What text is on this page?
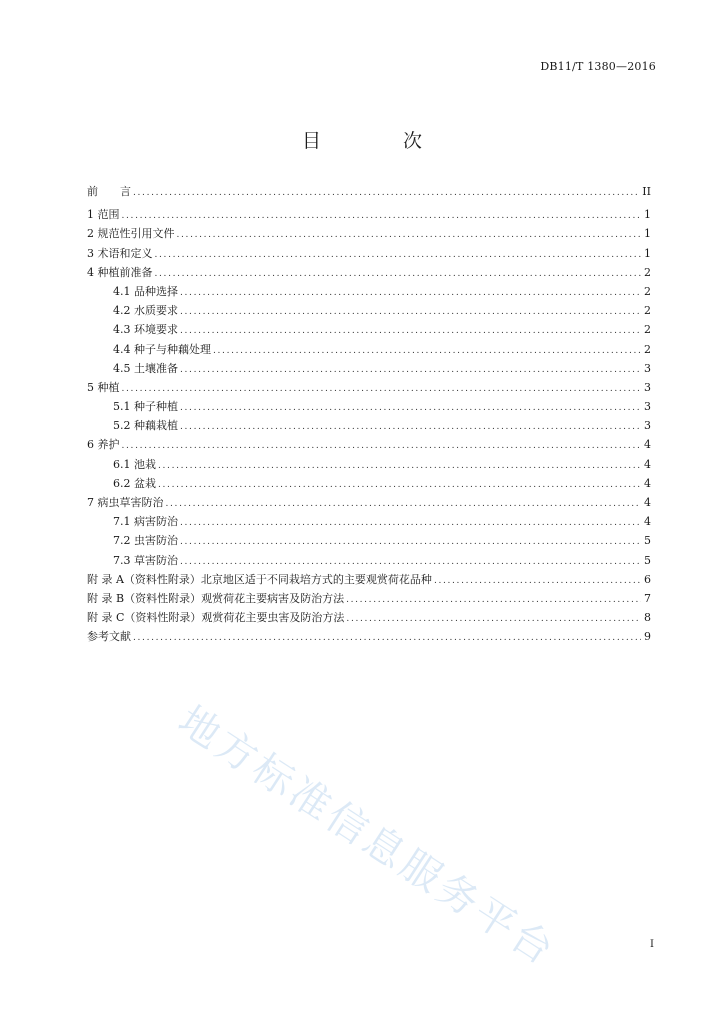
DB11/T 1380—2016
目 次
前　　言 . . .	II
1 范围 . . .	1
2 规范性引用文件 . . .	1
3 术语和定义 . . .	1
4 种植前准备 . . .	2
4.1 品种选择 . . .	2
4.2 水质要求 . . .	2
4.3 环境要求 . . .	2
4.4 种子与种藕处理 . . .	2
4.5 土壤准备 . . .	3
5 种植 . . .	3
5.1 种子种植 . . .	3
5.2 种藕栽植 . . .	3
6 养护 . . .	4
6.1 池栽 . . .	4
6.2 盆栽 . . .	4
7 病虫草害防治 . . .	4
7.1 病害防治 . . .	4
7.2 虫害防治 . . .	5
7.3 草害防治 . . .	5
附 录 A（资料性附录）北京地区适于不同栽培方式的主要观赏荷花品种 . . .	6
附 录 B（资料性附录）观赏荷花主要病害及防治方法 . . .	7
附 录 C（资料性附录）观赏荷花主要虫害及防治方法 . . .	8
参考文献 . . .	9
地方标准信息服务平台	I
